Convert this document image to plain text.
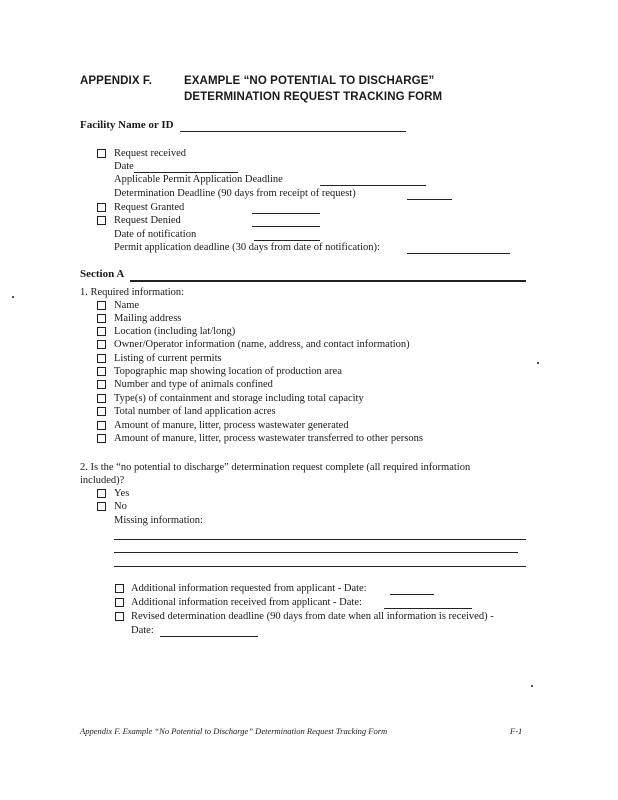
APPENDIX F.	EXAMPLE “NO POTENTIAL TO DISCHARGE”
DETERMINATION REQUEST TRACKING FORM
Facility Name or ID
Request received
Date
Applicable Permit Application Deadline
Determination Deadline (90 days from receipt of request)
Request Granted
Request Denied
Date of notification
Permit application deadline (30 days from date of notification):
Section A
1. Required information:
Name
Mailing address
Location (including lat/long)
Owner/Operator information (name, address, and contact information)
Listing of current permits
Topographic map showing location of production area
Number and type of animals confined
Type(s) of containment and storage including total capacity
Total number of land application acres
Amount of manure, litter, process wastewater generated
Amount of manure, litter, process wastewater transferred to other persons
2. Is the “no potential to discharge” determination request complete (all required information
included)?
Yes
No
Missing information:
Additional information requested from applicant - Date:
Additional information received from applicant - Date:
Revised determination deadline (90 days from date when all information is received) -
Date:
Appendix F. Example “No Potential to Discharge” Determination Request Tracking Form	F-1
